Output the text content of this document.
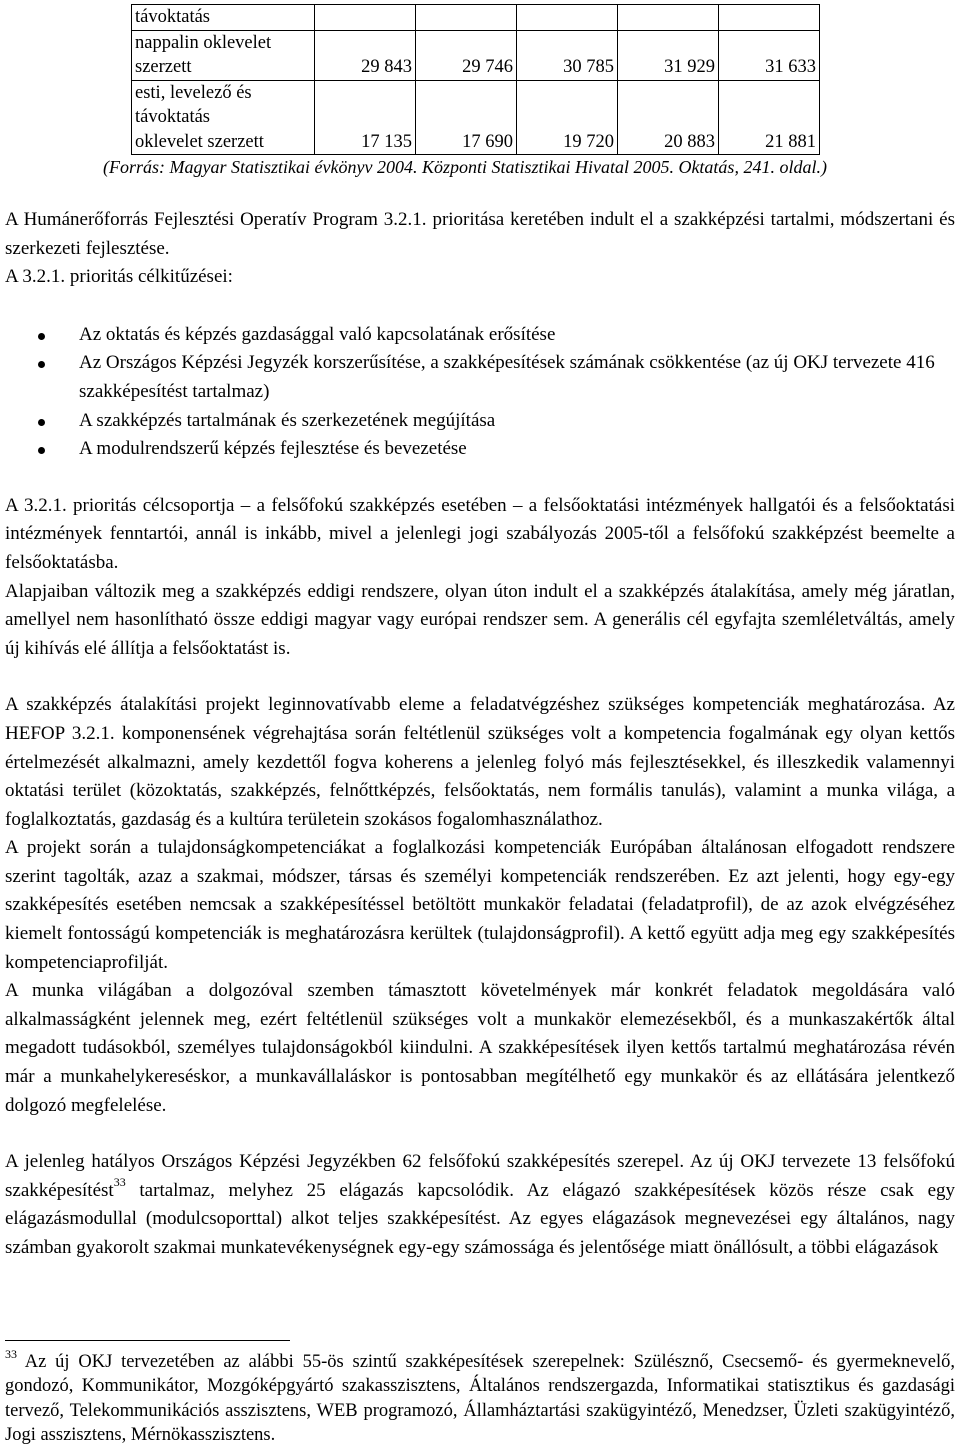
távoktatás					
nappalin oklevelet
szerzett	29 843	29 746	30 785	31 929	31 633
esti, levelező és
távoktatás
oklevelet szerzett	17 135	17 690	19 720	20 883	21 881
(Forrás: Magyar Statisztikai évkönyv 2004. Központi Statisztikai Hivatal 2005. Oktatás, 241. oldal.)

A Humánerőforrás Fejlesztési Operatív Program 3.2.1. prioritása keretében indult el a szakképzési tartalmi, módszertani és szerkezeti fejlesztése.

A 3.2.1. prioritás célkitűzései:

Az oktatás és képzés gazdasággal való kapcsolatának erősítése
Az Országos Képzési Jegyzék korszerűsítése, a szakképesítések számának csökkentése (az új OKJ tervezete 416 szakképesítést tartalmaz)
A szakképzés tartalmának és szerkezetének megújítása
A modulrendszerű képzés fejlesztése és bevezetése

A 3.2.1. prioritás célcsoportja – a felsőfokú szakképzés esetében – a felsőoktatási intézmények hallgatói és a felsőoktatási intézmények fenntartói, annál is inkább, mivel a jelenlegi jogi szabályozás 2005-től a felsőfokú szakképzést beemelte a felsőoktatásba.

Alapjaiban változik meg a szakképzés eddigi rendszere, olyan úton indult el a szakképzés átalakítása, amely még járatlan, amellyel nem hasonlítható össze eddigi magyar vagy európai rendszer sem. A generális cél egyfajta szemléletváltás, amely új kihívás elé állítja a felsőoktatást is.

A szakképzés átalakítási projekt leginnovatívabb eleme a feladatvégzéshez szükséges kompetenciák meghatározása. Az HEFOP 3.2.1. komponensének végrehajtása során feltétlenül szükséges volt a kompetencia fogalmának egy olyan kettős értelmezését alkalmazni, amely kezdettől fogva koherens a jelenleg folyó más fejlesztésekkel, és illeszkedik valamennyi oktatási terület (közoktatás, szakképzés, felnőttképzés, felsőoktatás, nem formális tanulás), valamint a munka világa, a foglalkoztatás, gazdaság és a kultúra területein szokásos fogalomhasználathoz.

A projekt során a tulajdonságkompetenciákat a foglalkozási kompetenciák Európában általánosan elfogadott rendszere szerint tagolták, azaz a szakmai, módszer, társas és személyi kompetenciák rendszerében. Ez azt jelenti, hogy egy-egy szakképesítés esetében nemcsak a szakképesítéssel betöltött munkakör feladatai (feladatprofil), de az azok elvégzéséhez kiemelt fontosságú kompetenciák is meghatározásra kerültek (tulajdonságprofil). A kettő együtt adja meg egy szakképesítés kompetenciaprofilját.

A munka világában a dolgozóval szemben támasztott követelmények már konkrét feladatok megoldására való alkalmasságként jelennek meg, ezért feltétlenül szükséges volt a munkakör elemezésekből, és a munkaszakértők által megadott tudásokból, személyes tulajdonságokból kiindulni. A szakképesítések ilyen kettős tartalmú meghatározása révén már a munkahelykereséskor, a munkavállaláskor is pontosabban megítélhető egy munkakör és az ellátására jelentkező dolgozó megfelelése.

A jelenleg hatályos Országos Képzési Jegyzékben 62 felsőfokú szakképesítés szerepel. Az új OKJ tervezete 13 felsőfokú szakképesítést$^{33}$ tartalmaz, melyhez 25 elágazás kapcsolódik. Az elágazó szakképesítések közös része csak egy elágazásmodullal (modulcsoporttal) alkot teljes szakképesítést. Az egyes elágazások megnevezései egy általános, nagy számban gyakorolt szakmai munkatevékenységnek egy-egy számossága és jelentősége miatt önállósult, a többi elágazások

$^{33}$ Az új OKJ tervezetében az alábbi 55-ös szintű szakképesítések szerepelnek: Szülésznő, Csecsemő- és gyermeknevelő, gondozó, Kommunikátor, Mozgóképgyártó szakasszisztens, Általános rendszergazda, Informatikai statisztikus és gazdasági tervező, Telekommunikációs asszisztens, WEB programozó, Államháztartási szakügyintéző, Menedzser, Üzleti szakügyintéző, Jogi asszisztens, Mérnökasszisztens.
